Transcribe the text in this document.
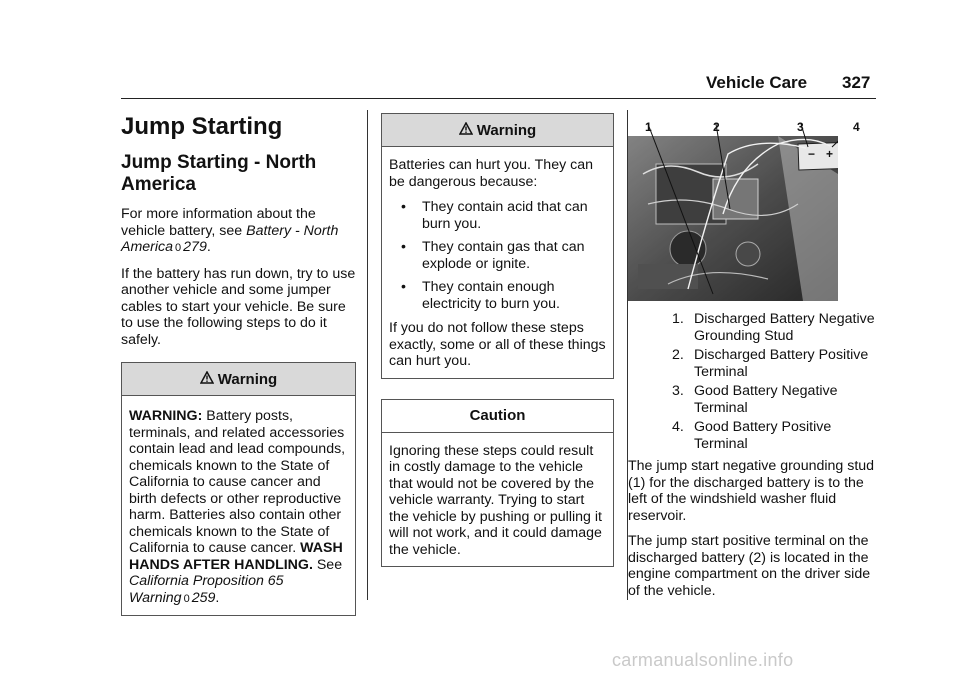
Vehicle Care 327
Jump Starting
Jump Starting - North America

For more information about the vehicle battery, see Battery - North America 0 279.

If the battery has run down, try to use another vehicle and some jumper cables to start your vehicle. Be sure to use the following steps to do it safely.

Warning
WARNING: Battery posts, terminals, and related accessories contain lead and lead compounds, chemicals known to the State of California to cause cancer and birth defects or other reproductive harm. Batteries also contain other chemicals known to the State of California to cause cancer. WASH HANDS AFTER HANDLING. See California Proposition 65 Warning 0 259.
Warning

Batteries can hurt you. They can be dangerous because:

• They contain acid that can burn you.
• They contain gas that can explode or ignite.
• They contain enough electricity to burn you.

If you do not follow these steps exactly, some or all of these things can hurt you.

Caution
Ignoring these steps could result in costly damage to the vehicle that would not be covered by the vehicle warranty. Trying to start the vehicle by pushing or pulling it will not work, and it could damage the vehicle.
− +
1	2	3	4
1. Discharged Battery Negative Grounding Stud
2. Discharged Battery Positive Terminal
3. Good Battery Negative Terminal
4. Good Battery Positive Terminal

The jump start negative grounding stud (1) for the discharged battery is to the left of the windshield washer fluid reservoir.

The jump start positive terminal on the discharged battery (2) is located in the engine compartment on the driver side of the vehicle.

carmanualsonline.info
